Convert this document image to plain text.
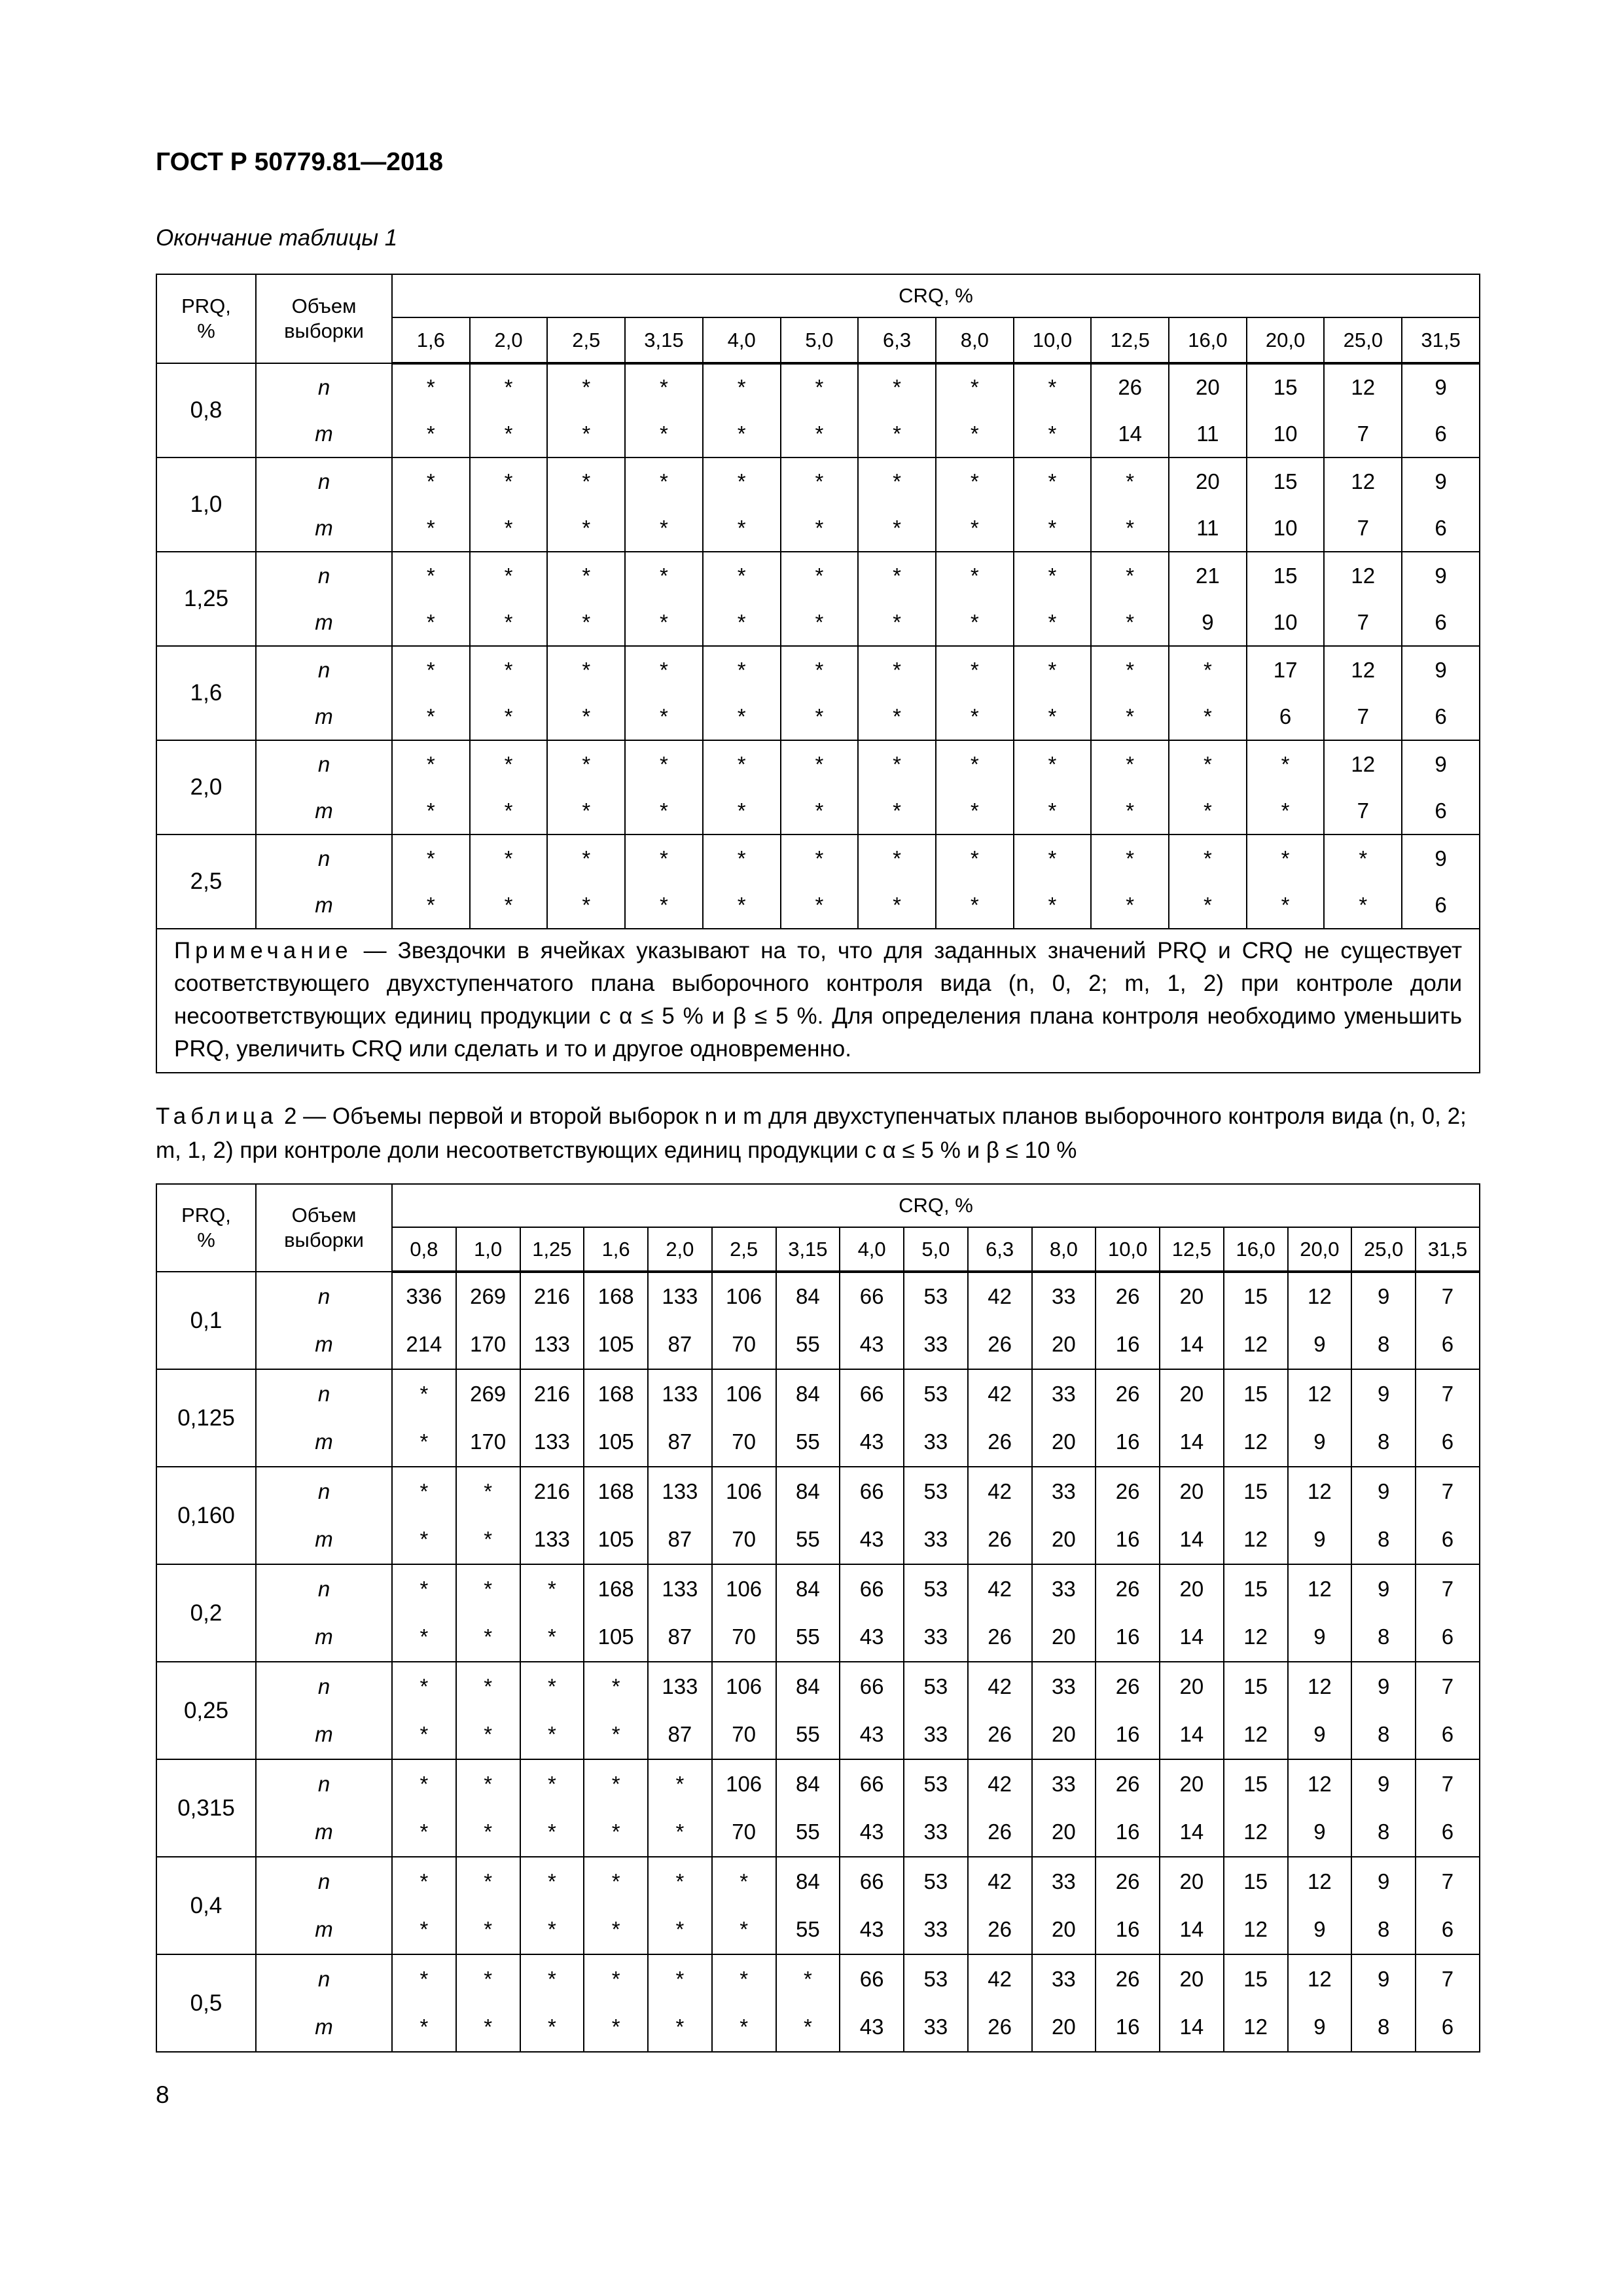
ГОСТ Р 50779.81—2018
Окончание таблицы 1
PRQ, %	Объем выборки	CRQ, %													
		1,6	2,0	2,5	3,15	4,0	5,0	6,3	8,0	10,0	12,5	16,0	20,0	25,0	31,5
0,8	n	*	*	*	*	*	*	*	*	*	26	20	15	12	9
	m	*	*	*	*	*	*	*	*	*	14	11	10	7	6
1,0	n	*	*	*	*	*	*	*	*	*	*	20	15	12	9
	m	*	*	*	*	*	*	*	*	*	*	11	10	7	6
1,25	n	*	*	*	*	*	*	*	*	*	*	21	15	12	9
	m	*	*	*	*	*	*	*	*	*	*	9	10	7	6
1,6	n	*	*	*	*	*	*	*	*	*	*	*	17	12	9
	m	*	*	*	*	*	*	*	*	*	*	*	6	7	6
2,0	n	*	*	*	*	*	*	*	*	*	*	*	*	12	9
	m	*	*	*	*	*	*	*	*	*	*	*	*	7	6
2,5	n	*	*	*	*	*	*	*	*	*	*	*	*	*	9
	m	*	*	*	*	*	*	*	*	*	*	*	*	*	6
Примечание — Звездочки в ячейках указывают на то, что для заданных значений PRQ и CRQ не существует соответствующего двухступенчатого плана выборочного контроля вида (n, 0, 2; m, 1, 2) при контроле доли несоответствующих единиц продукции с α ≤ 5 % и β ≤ 5 %. Для определения плана контроля необходимо уменьшить PRQ, увеличить CRQ или сделать и то и другое одновременно.															
Таблица 2 — Объемы первой и второй выборок n и m для двухступенчатых планов выборочного контроля вида (n, 0, 2; m, 1, 2) при контроле доли несоответствующих единиц продукции с α ≤ 5 % и β ≤ 10 %
PRQ, %	Объем выборки	CRQ, %																
		0,8	1,0	1,25	1,6	2,0	2,5	3,15	4,0	5,0	6,3	8,0	10,0	12,5	16,0	20,0	25,0	31,5
0,1	n	336	269	216	168	133	106	84	66	53	42	33	26	20	15	12	9	7
	m	214	170	133	105	87	70	55	43	33	26	20	16	14	12	9	8	6
0,125	n	*	269	216	168	133	106	84	66	53	42	33	26	20	15	12	9	7
	m	*	170	133	105	87	70	55	43	33	26	20	16	14	12	9	8	6
0,160	n	*	*	216	168	133	106	84	66	53	42	33	26	20	15	12	9	7
	m	*	*	133	105	87	70	55	43	33	26	20	16	14	12	9	8	6
0,2	n	*	*	*	168	133	106	84	66	53	42	33	26	20	15	12	9	7
	m	*	*	*	105	87	70	55	43	33	26	20	16	14	12	9	8	6
0,25	n	*	*	*	*	133	106	84	66	53	42	33	26	20	15	12	9	7
	m	*	*	*	*	87	70	55	43	33	26	20	16	14	12	9	8	6
0,315	n	*	*	*	*	*	106	84	66	53	42	33	26	20	15	12	9	7
	m	*	*	*	*	*	70	55	43	33	26	20	16	14	12	9	8	6
0,4	n	*	*	*	*	*	*	84	66	53	42	33	26	20	15	12	9	7
	m	*	*	*	*	*	*	55	43	33	26	20	16	14	12	9	8	6
0,5	n	*	*	*	*	*	*	*	66	53	42	33	26	20	15	12	9	7
	m	*	*	*	*	*	*	*	43	33	26	20	16	14	12	9	8	6
8
